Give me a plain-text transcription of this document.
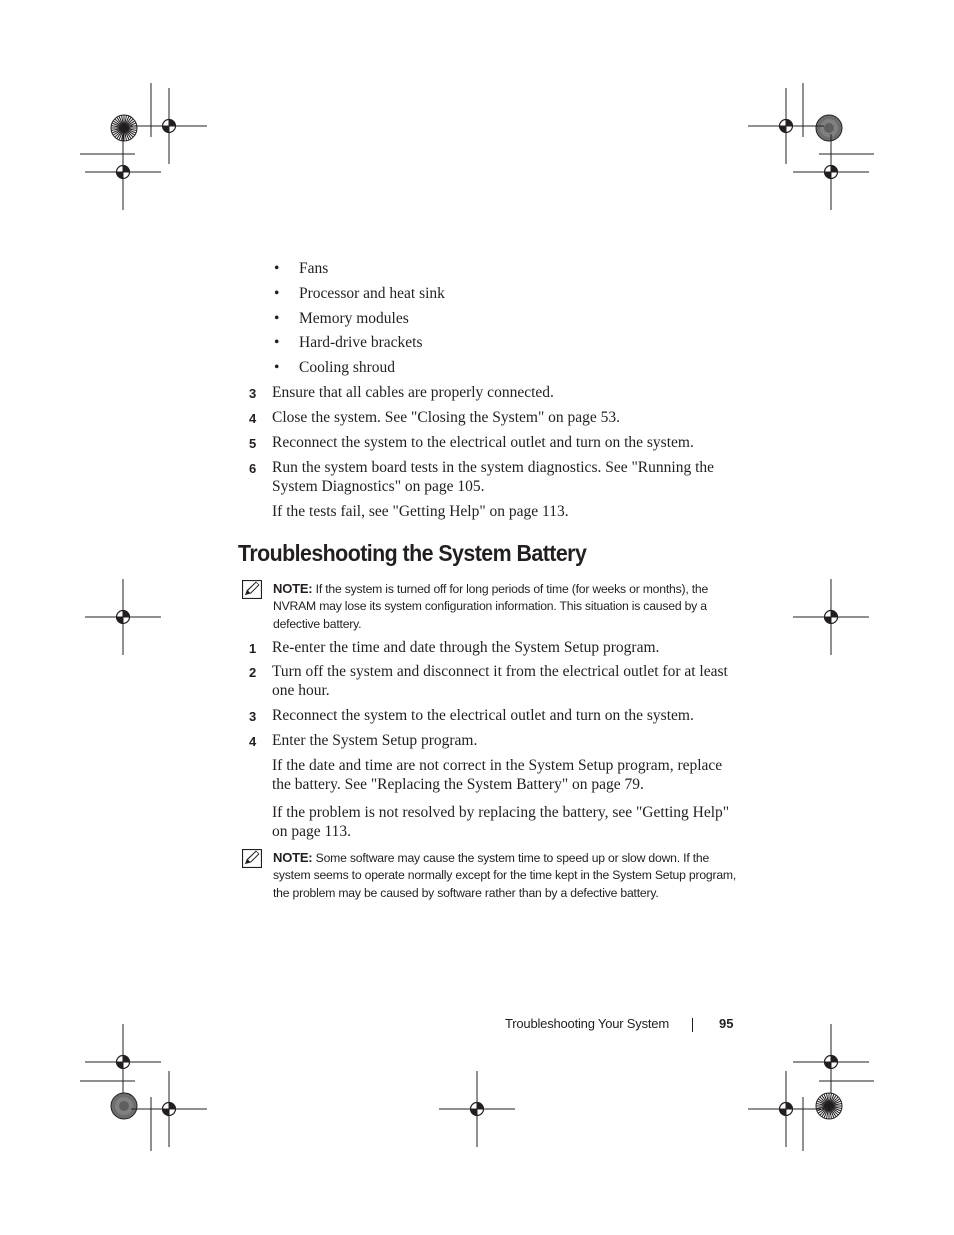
• Fans
• Processor and heat sink
• Memory modules
• Hard-drive brackets
• Cooling shroud
3	Ensure that all cables are properly connected.
4	Close the system. See "Closing the System" on page 53.
5	Reconnect the system to the electrical outlet and turn on the system.
6	Run the system board tests in the system diagnostics. See "Running the System Diagnostics" on page 105.

If the tests fail, see "Getting Help" on page 113.

Troubleshooting the System Battery
NOTE: If the system is turned off for long periods of time (for weeks or months), the NVRAM may lose its system configuration information. This situation is caused by a defective battery.
1	Re-enter the time and date through the System Setup program.
2	Turn off the system and disconnect it from the electrical outlet for at least one hour.
3	Reconnect the system to the electrical outlet and turn on the system.
4	Enter the System Setup program.

If the date and time are not correct in the System Setup program, replace the battery. See "Replacing the System Battery" on page 79.

If the problem is not resolved by replacing the battery, see "Getting Help" on page 113.

NOTE: Some software may cause the system time to speed up or slow down. If the system seems to operate normally except for the time kept in the System Setup program, the problem may be caused by software rather than by a defective battery.
Troubleshooting Your System	95
